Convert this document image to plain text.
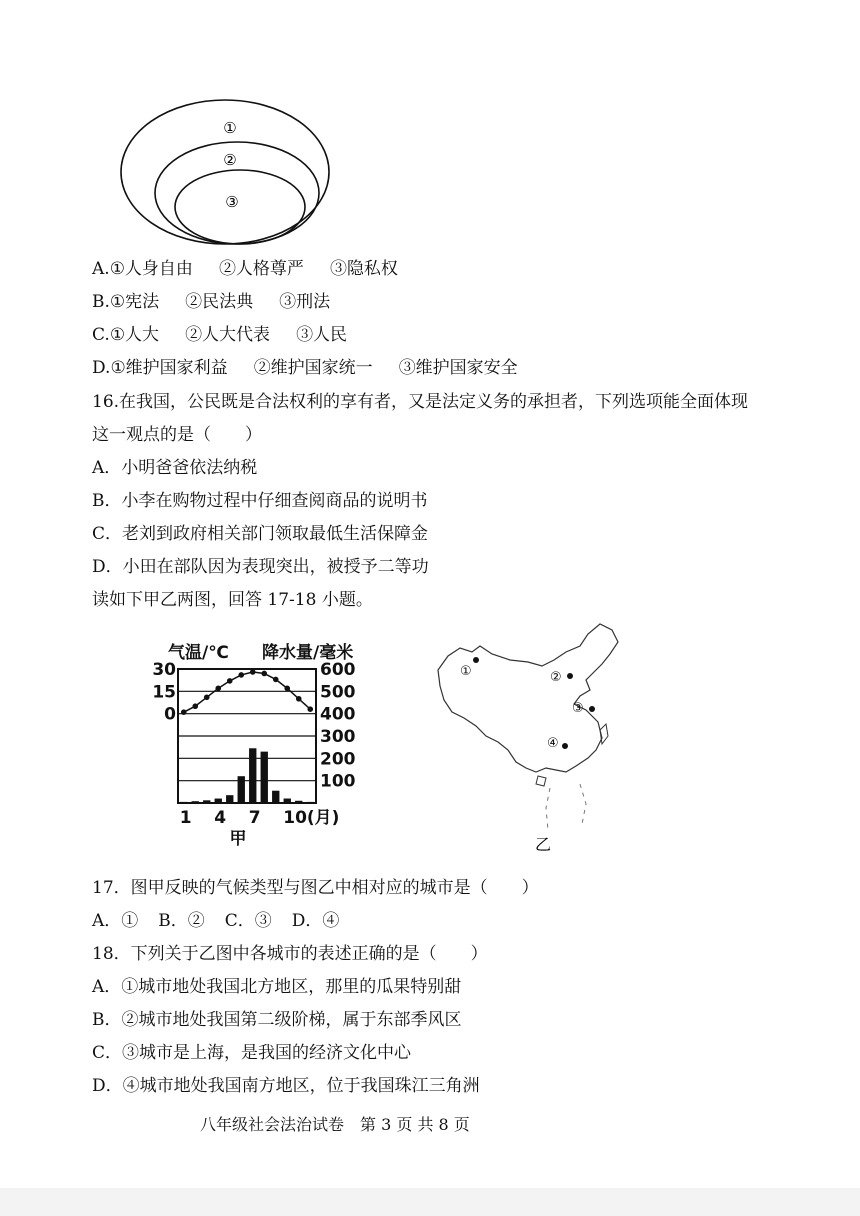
①
②
③
A.①人身自由 ②人格尊严 ③隐私权
B.①宪法 ②民法典 ③刑法
C.①人大 ②人大代表 ③人民
D.①维护国家利益 ②维护国家统一 ③维护国家安全
16.在我国，公民既是合法权利的享有者，又是法定义务的承担者，下列选项能全面体现
这一观点的是（　　）
A．小明爸爸依法纳税
B．小李在购物过程中仔细查阅商品的说明书
C．老刘到政府相关部门领取最低生活保障金
D．小田在部队因为表现突出，被授予二等功
读如下甲乙两图，回答 17-18 小题。
气温/℃ 降水量/毫米
甲
30
15
0
600
500
400
300
200
100
1 4 7 10(月)
①	②
③
④
乙
17．图甲反映的气候类型与图乙中相对应的城市是（　　）
A．① B．② C．③ D．④
18．下列关于乙图中各城市的表述正确的是（　　）
A．①城市地处我国北方地区，那里的瓜果特别甜
B．②城市地处我国第二级阶梯，属于东部季风区
C．③城市是上海，是我国的经济文化中心
D．④城市地处我国南方地区，位于我国珠江三角洲
八年级社会法治试卷　第 3 页 共 8 页
